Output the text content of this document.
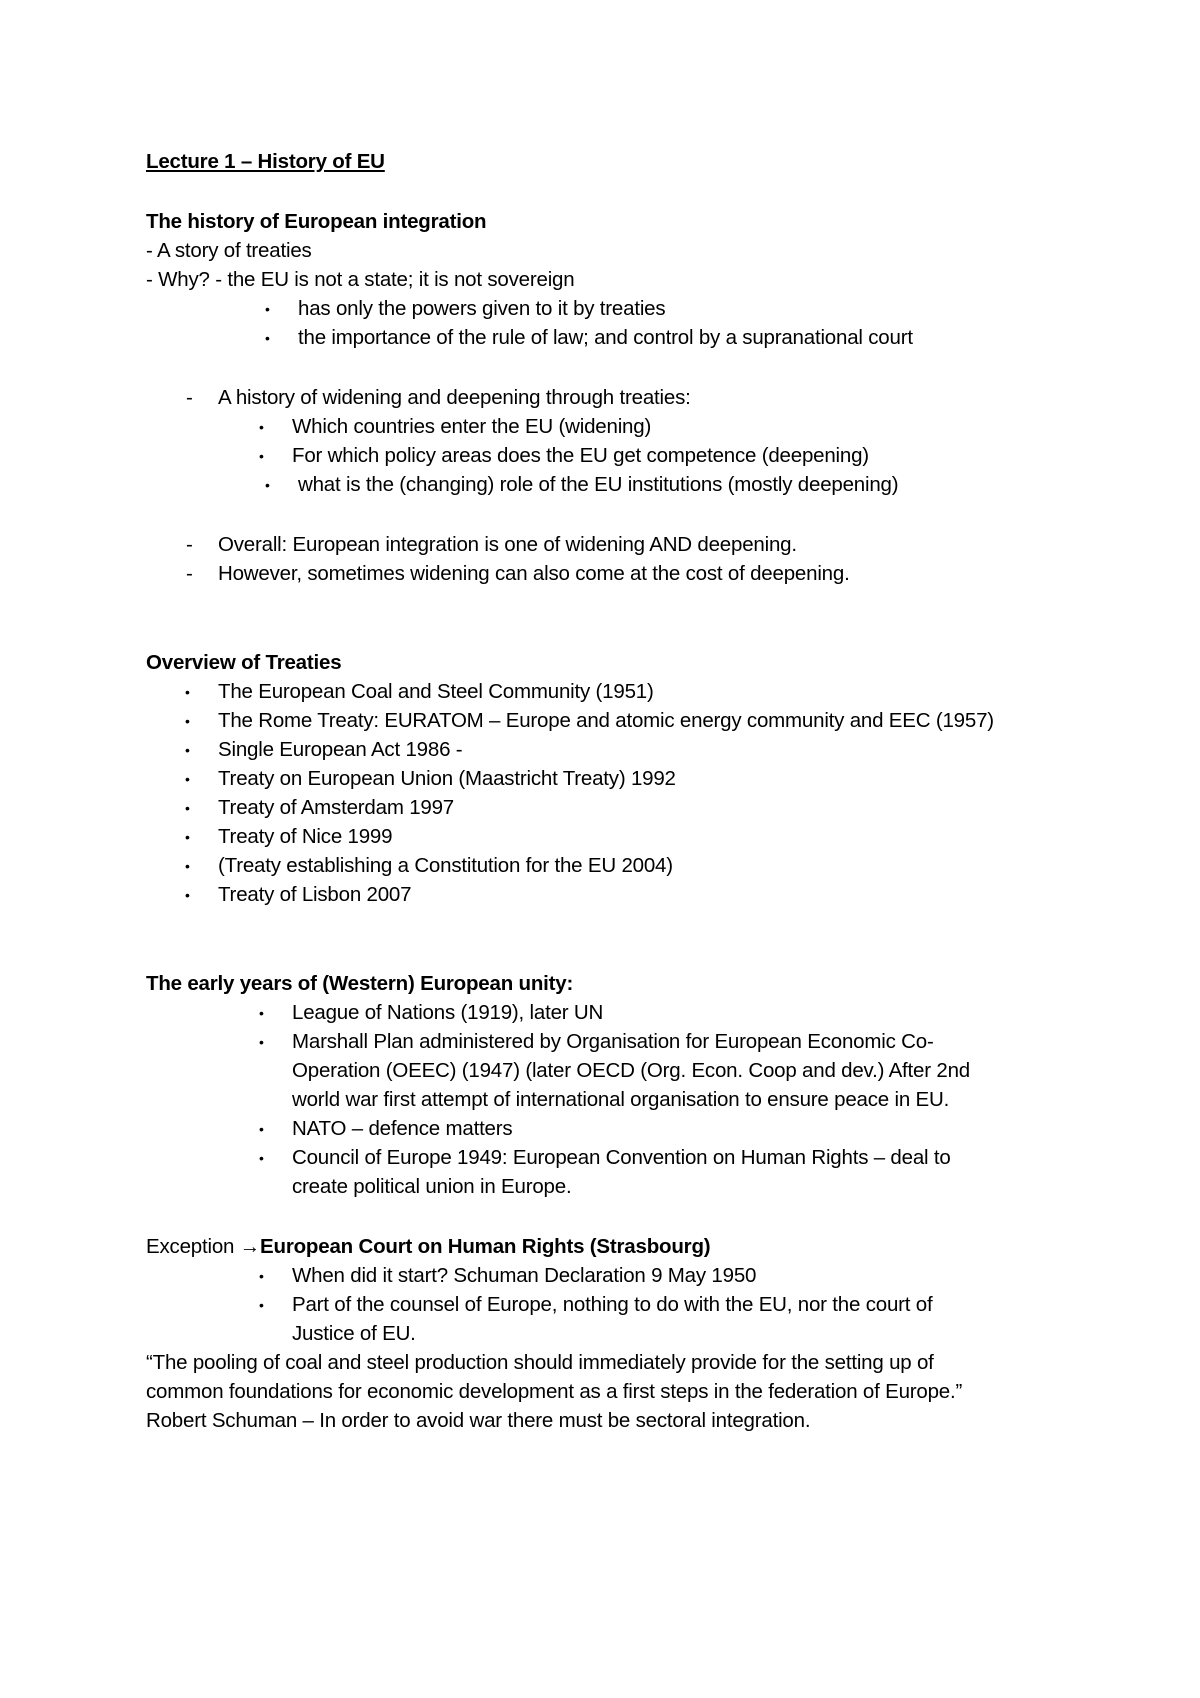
Lecture 1 – History of EU
The history of European integration
- A story of treaties
- Why? - the EU is not a state; it is not sovereign
• has only the powers given to it by treaties
• the importance of the rule of law; and control by a supranational court
- A history of widening and deepening through treaties:
• Which countries enter the EU (widening)
• For which policy areas does the EU get competence (deepening)
• what is the (changing) role of the EU institutions (mostly deepening)
- Overall: European integration is one of widening AND deepening.
- However, sometimes widening can also come at the cost of deepening.
Overview of Treaties
• The European Coal and Steel Community (1951)
• The Rome Treaty: EURATOM – Europe and atomic energy community and EEC (1957)
• Single European Act 1986 -
• Treaty on European Union (Maastricht Treaty) 1992
• Treaty of Amsterdam 1997
• Treaty of Nice 1999
• (Treaty establishing a Constitution for the EU 2004)
• Treaty of Lisbon 2007
The early years of (Western) European unity:
• League of Nations (1919), later UN
• Marshall Plan administered by Organisation for European Economic Co-
Operation (OEEC) (1947) (later OECD (Org. Econ. Coop and dev.) After 2nd
world war first attempt of international organisation to ensure peace in EU.
• NATO – defence matters
• Council of Europe 1949: European Convention on Human Rights – deal to
create political union in Europe.
Exception →European Court on Human Rights (Strasbourg)
• When did it start? Schuman Declaration 9 May 1950
• Part of the counsel of Europe, nothing to do with the EU, nor the court of
Justice of EU.
“The pooling of coal and steel production should immediately provide for the setting up of
common foundations for economic development as a first steps in the federation of Europe.”
Robert Schuman – In order to avoid war there must be sectoral integration.
